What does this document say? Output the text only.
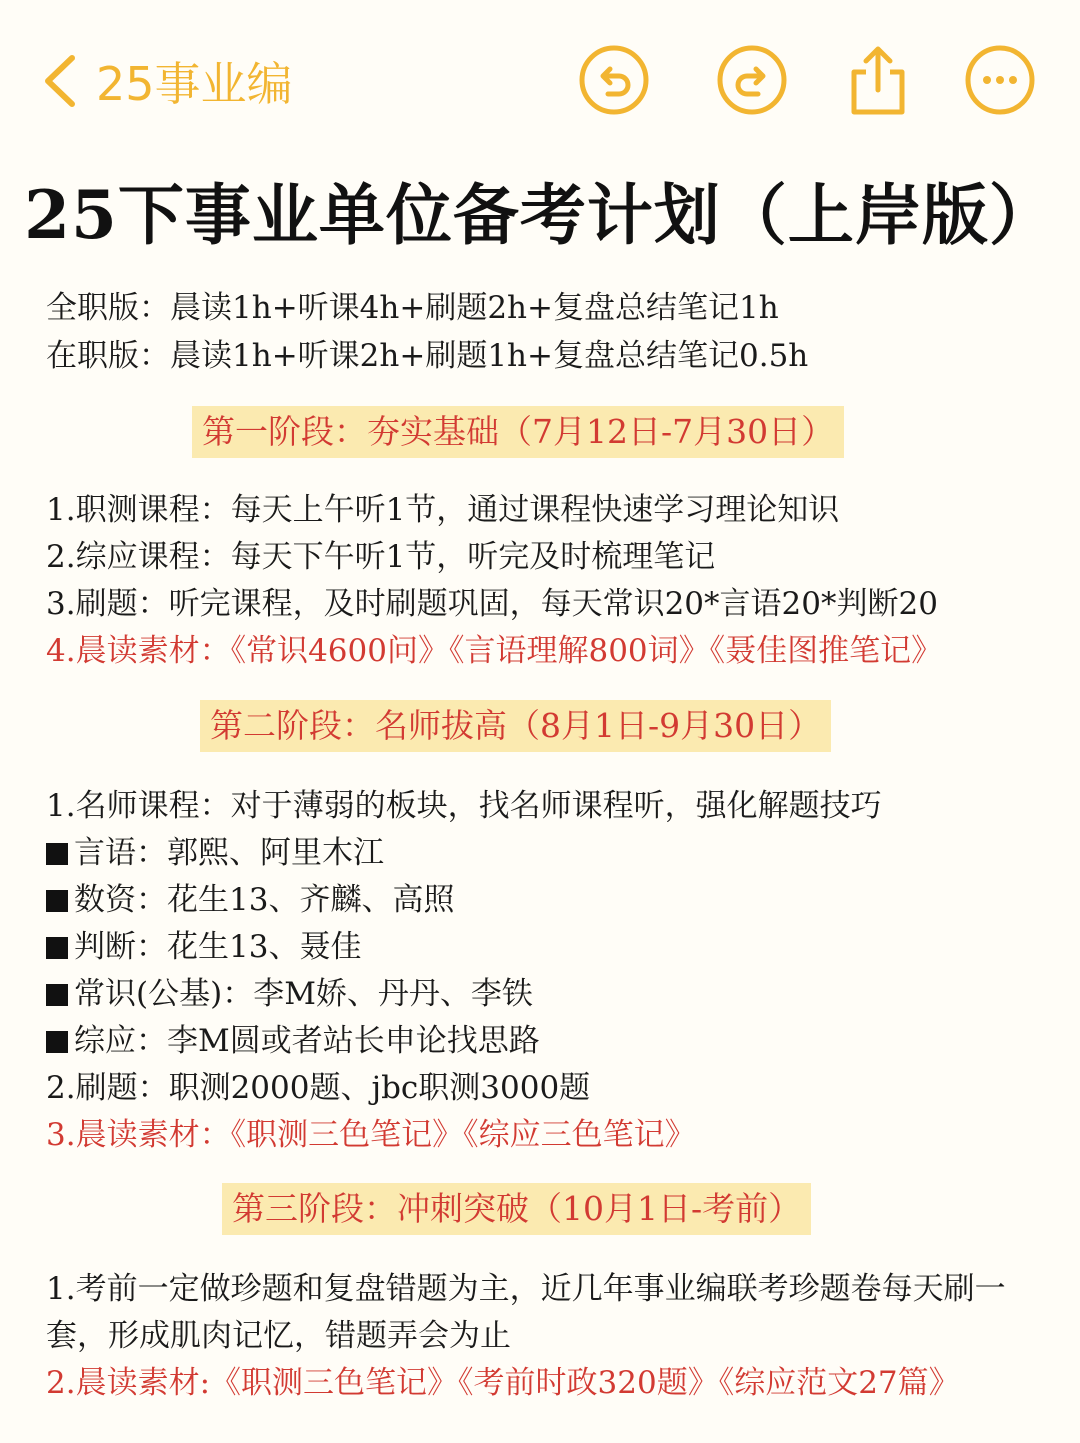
25事业编
25下事业单位备考计划（上岸版）
全职版：晨读1h+听课4h+刷题2h+复盘总结笔记1h
在职版：晨读1h+听课2h+刷题1h+复盘总结笔记0.5h
第一阶段：夯实基础（7月12日-7月30日）
1.职测课程：每天上午听1节，通过课程快速学习理论知识
2.综应课程：每天下午听1节，听完及时梳理笔记
3.刷题：听完课程，及时刷题巩固，每天常识20*言语20*判断20
4.晨读素材：《常识4600问》《言语理解800词》《聂佳图推笔记》
第二阶段：名师拔高（8月1日-9月30日）
1.名师课程：对于薄弱的板块，找名师课程听，强化解题技巧
言语：郭熙、阿里木江
数资：花生13、齐麟、高照
判断：花生13、聂佳
常识(公基)：李M娇、丹丹、李铁
综应：李M圆或者站长申论找思路
2.刷题：职测2000题、jbc职测3000题
3.晨读素材：《职测三色笔记》《综应三色笔记》
第三阶段：冲刺突破（10月1日-考前）
1.考前一定做珍题和复盘错题为主，近几年事业编联考珍题卷每天刷一
套，形成肌肉记忆，错题弄会为止
2.晨读素材:《职测三色笔记》《考前时政320题》《综应范文27篇》
